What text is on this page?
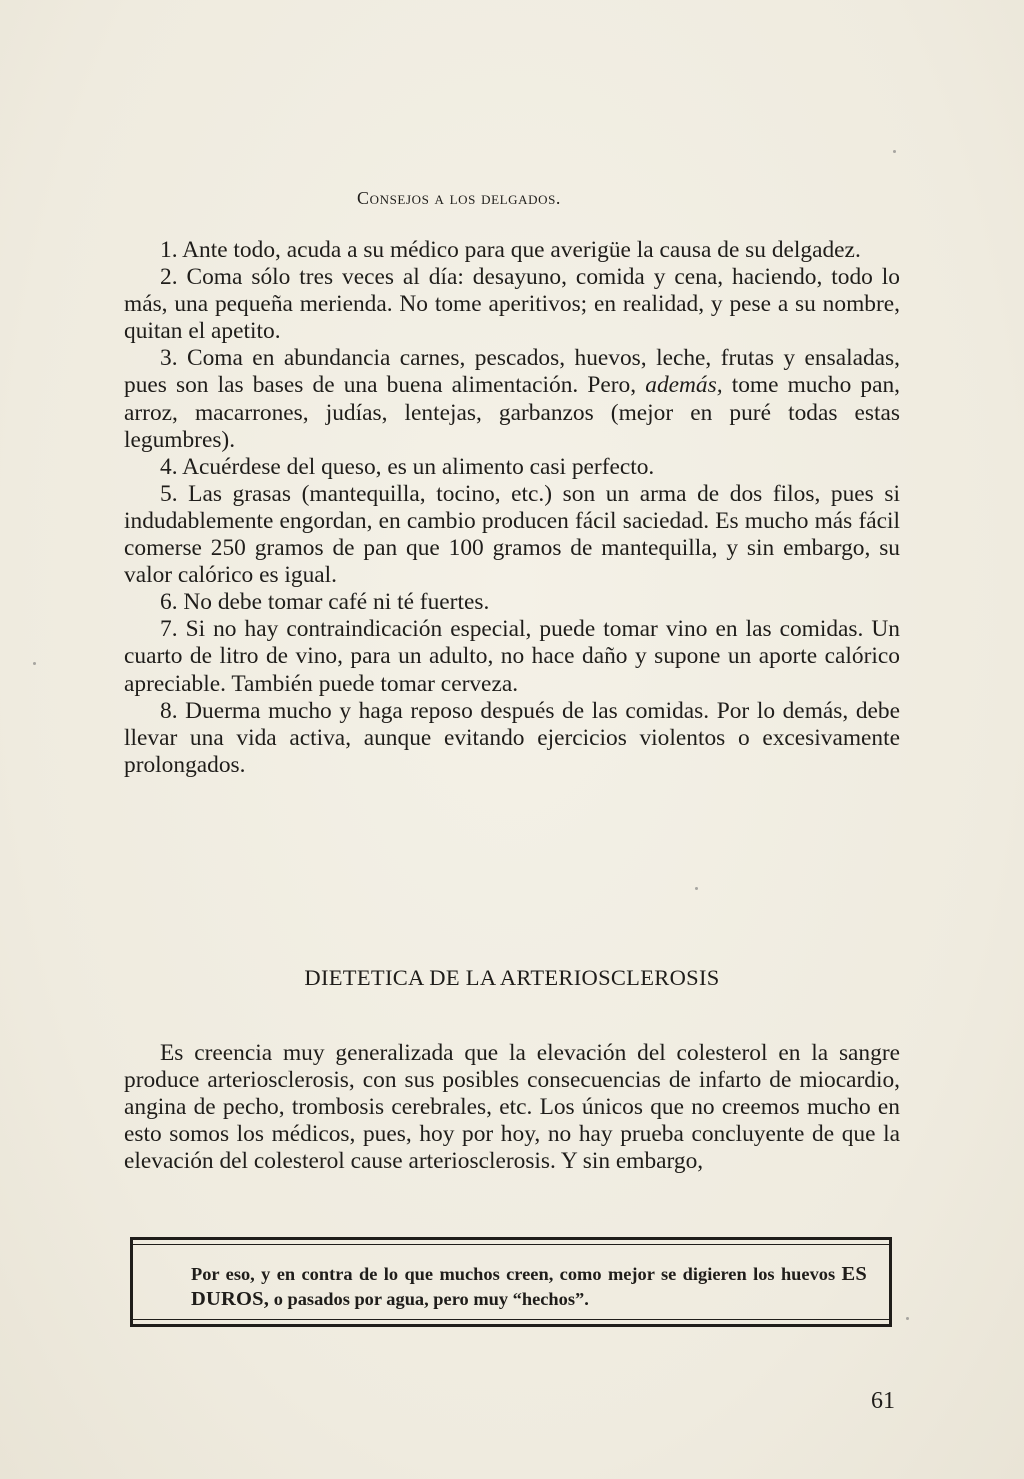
Consejos a los delgados.

1. Ante todo, acuda a su médico para que averigüe la causa de su delgadez.

2. Coma sólo tres veces al día: desayuno, comida y cena, haciendo, todo lo más, una pequeña merienda. No tome aperitivos; en realidad, y pese a su nombre, quitan el apetito.

3. Coma en abundancia carnes, pescados, huevos, leche, frutas y ensaladas, pues son las bases de una buena alimentación. Pero, además, tome mucho pan, arroz, macarrones, judías, lentejas, garbanzos (mejor en puré todas estas legumbres).

4. Acuérdese del queso, es un alimento casi perfecto.

5. Las grasas (mantequilla, tocino, etc.) son un arma de dos filos, pues si indudablemente engordan, en cambio producen fácil saciedad. Es mucho más fácil comerse 250 gramos de pan que 100 gramos de mantequilla, y sin embargo, su valor calórico es igual.

6. No debe tomar café ni té fuertes.

7. Si no hay contraindicación especial, puede tomar vino en las comidas. Un cuarto de litro de vino, para un adulto, no hace daño y supone un aporte calórico apreciable. También puede tomar cerveza.

8. Duerma mucho y haga reposo después de las comidas. Por lo demás, debe llevar una vida activa, aunque evitando ejercicios violentos o excesivamente prolongados.

DIETETICA DE LA ARTERIOSCLEROSIS

Es creencia muy generalizada que la elevación del colesterol en la sangre produce arteriosclerosis, con sus posibles consecuencias de infarto de miocardio, angina de pecho, trombosis cerebrales, etc. Los únicos que no creemos mucho en esto somos los médicos, pues, hoy por hoy, no hay prueba concluyente de que la elevación del colesterol cause arteriosclerosis. Y sin embargo,

Por eso, y en contra de lo que muchos creen, como mejor se digieren los huevos ES DUROS, o pasados por agua, pero muy “hechos”.
61
